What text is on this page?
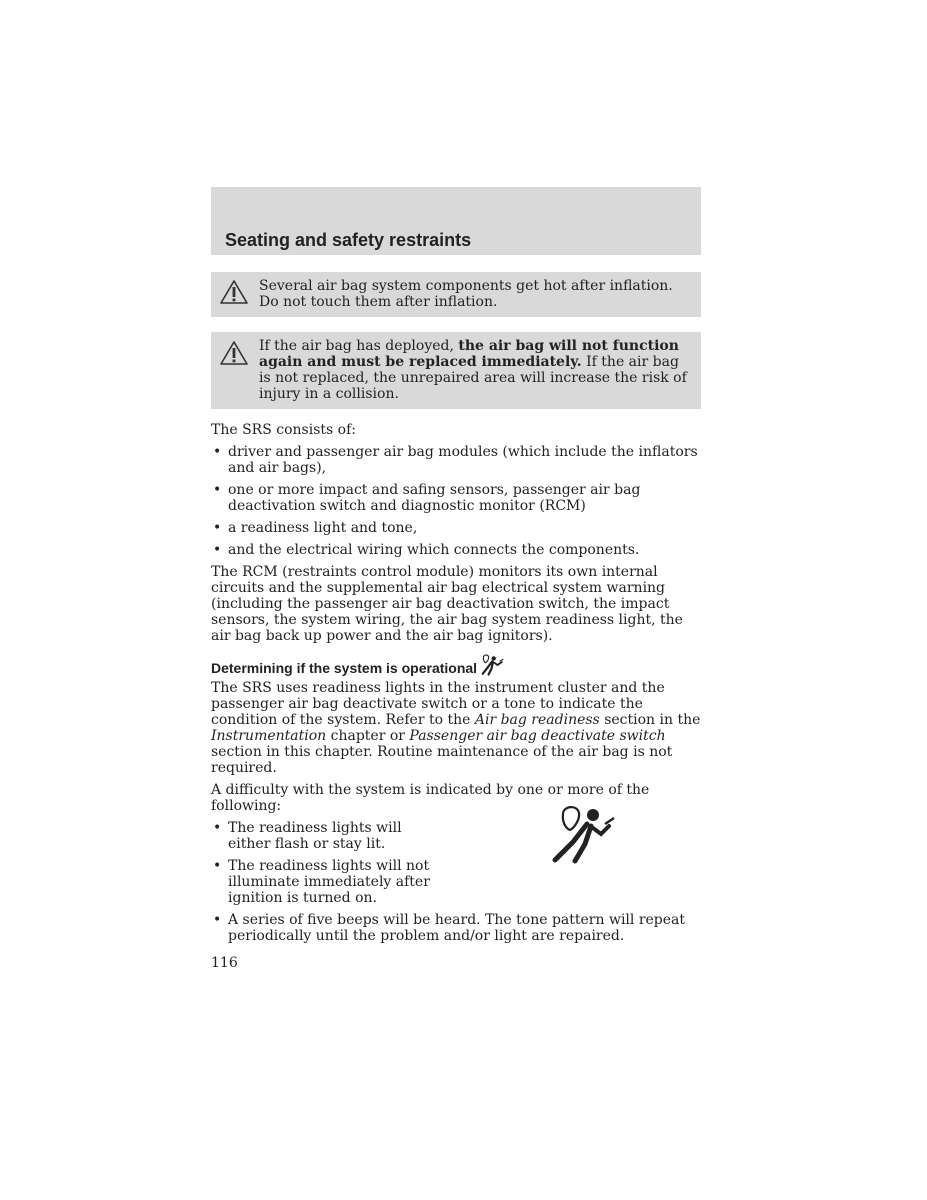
Seating and safety restraints
Several air bag system components get hot after inflation. Do not touch them after inflation.
If the air bag has deployed, the air bag will not function again and must be replaced immediately. If the air bag is not replaced, the unrepaired area will increase the risk of injury in a collision.

The SRS consists of:

• driver and passenger air bag modules (which include the inflators and air bags),
• one or more impact and safing sensors, passenger air bag deactivation switch and diagnostic monitor (RCM)
• a readiness light and tone,
• and the electrical wiring which connects the components.

The RCM (restraints control module) monitors its own internal circuits and the supplemental air bag electrical system warning (including the passenger air bag deactivation switch, the impact sensors, the system wiring, the air bag system readiness light, the air bag back up power and the air bag ignitors).

Determining if the system is operational

The SRS uses readiness lights in the instrument cluster and the passenger air bag deactivate switch or a tone to indicate the condition of the system. Refer to the Air bag readiness section in the Instrumentation chapter or Passenger air bag deactivate switch section in this chapter. Routine maintenance of the air bag is not required.

A difficulty with the system is indicated by one or more of the following:

• The readiness lights will either flash or stay lit.
• The readiness lights will not illuminate immediately after ignition is turned on.
• A series of five beeps will be heard. The tone pattern will repeat periodically until the problem and/or light are repaired.
116
